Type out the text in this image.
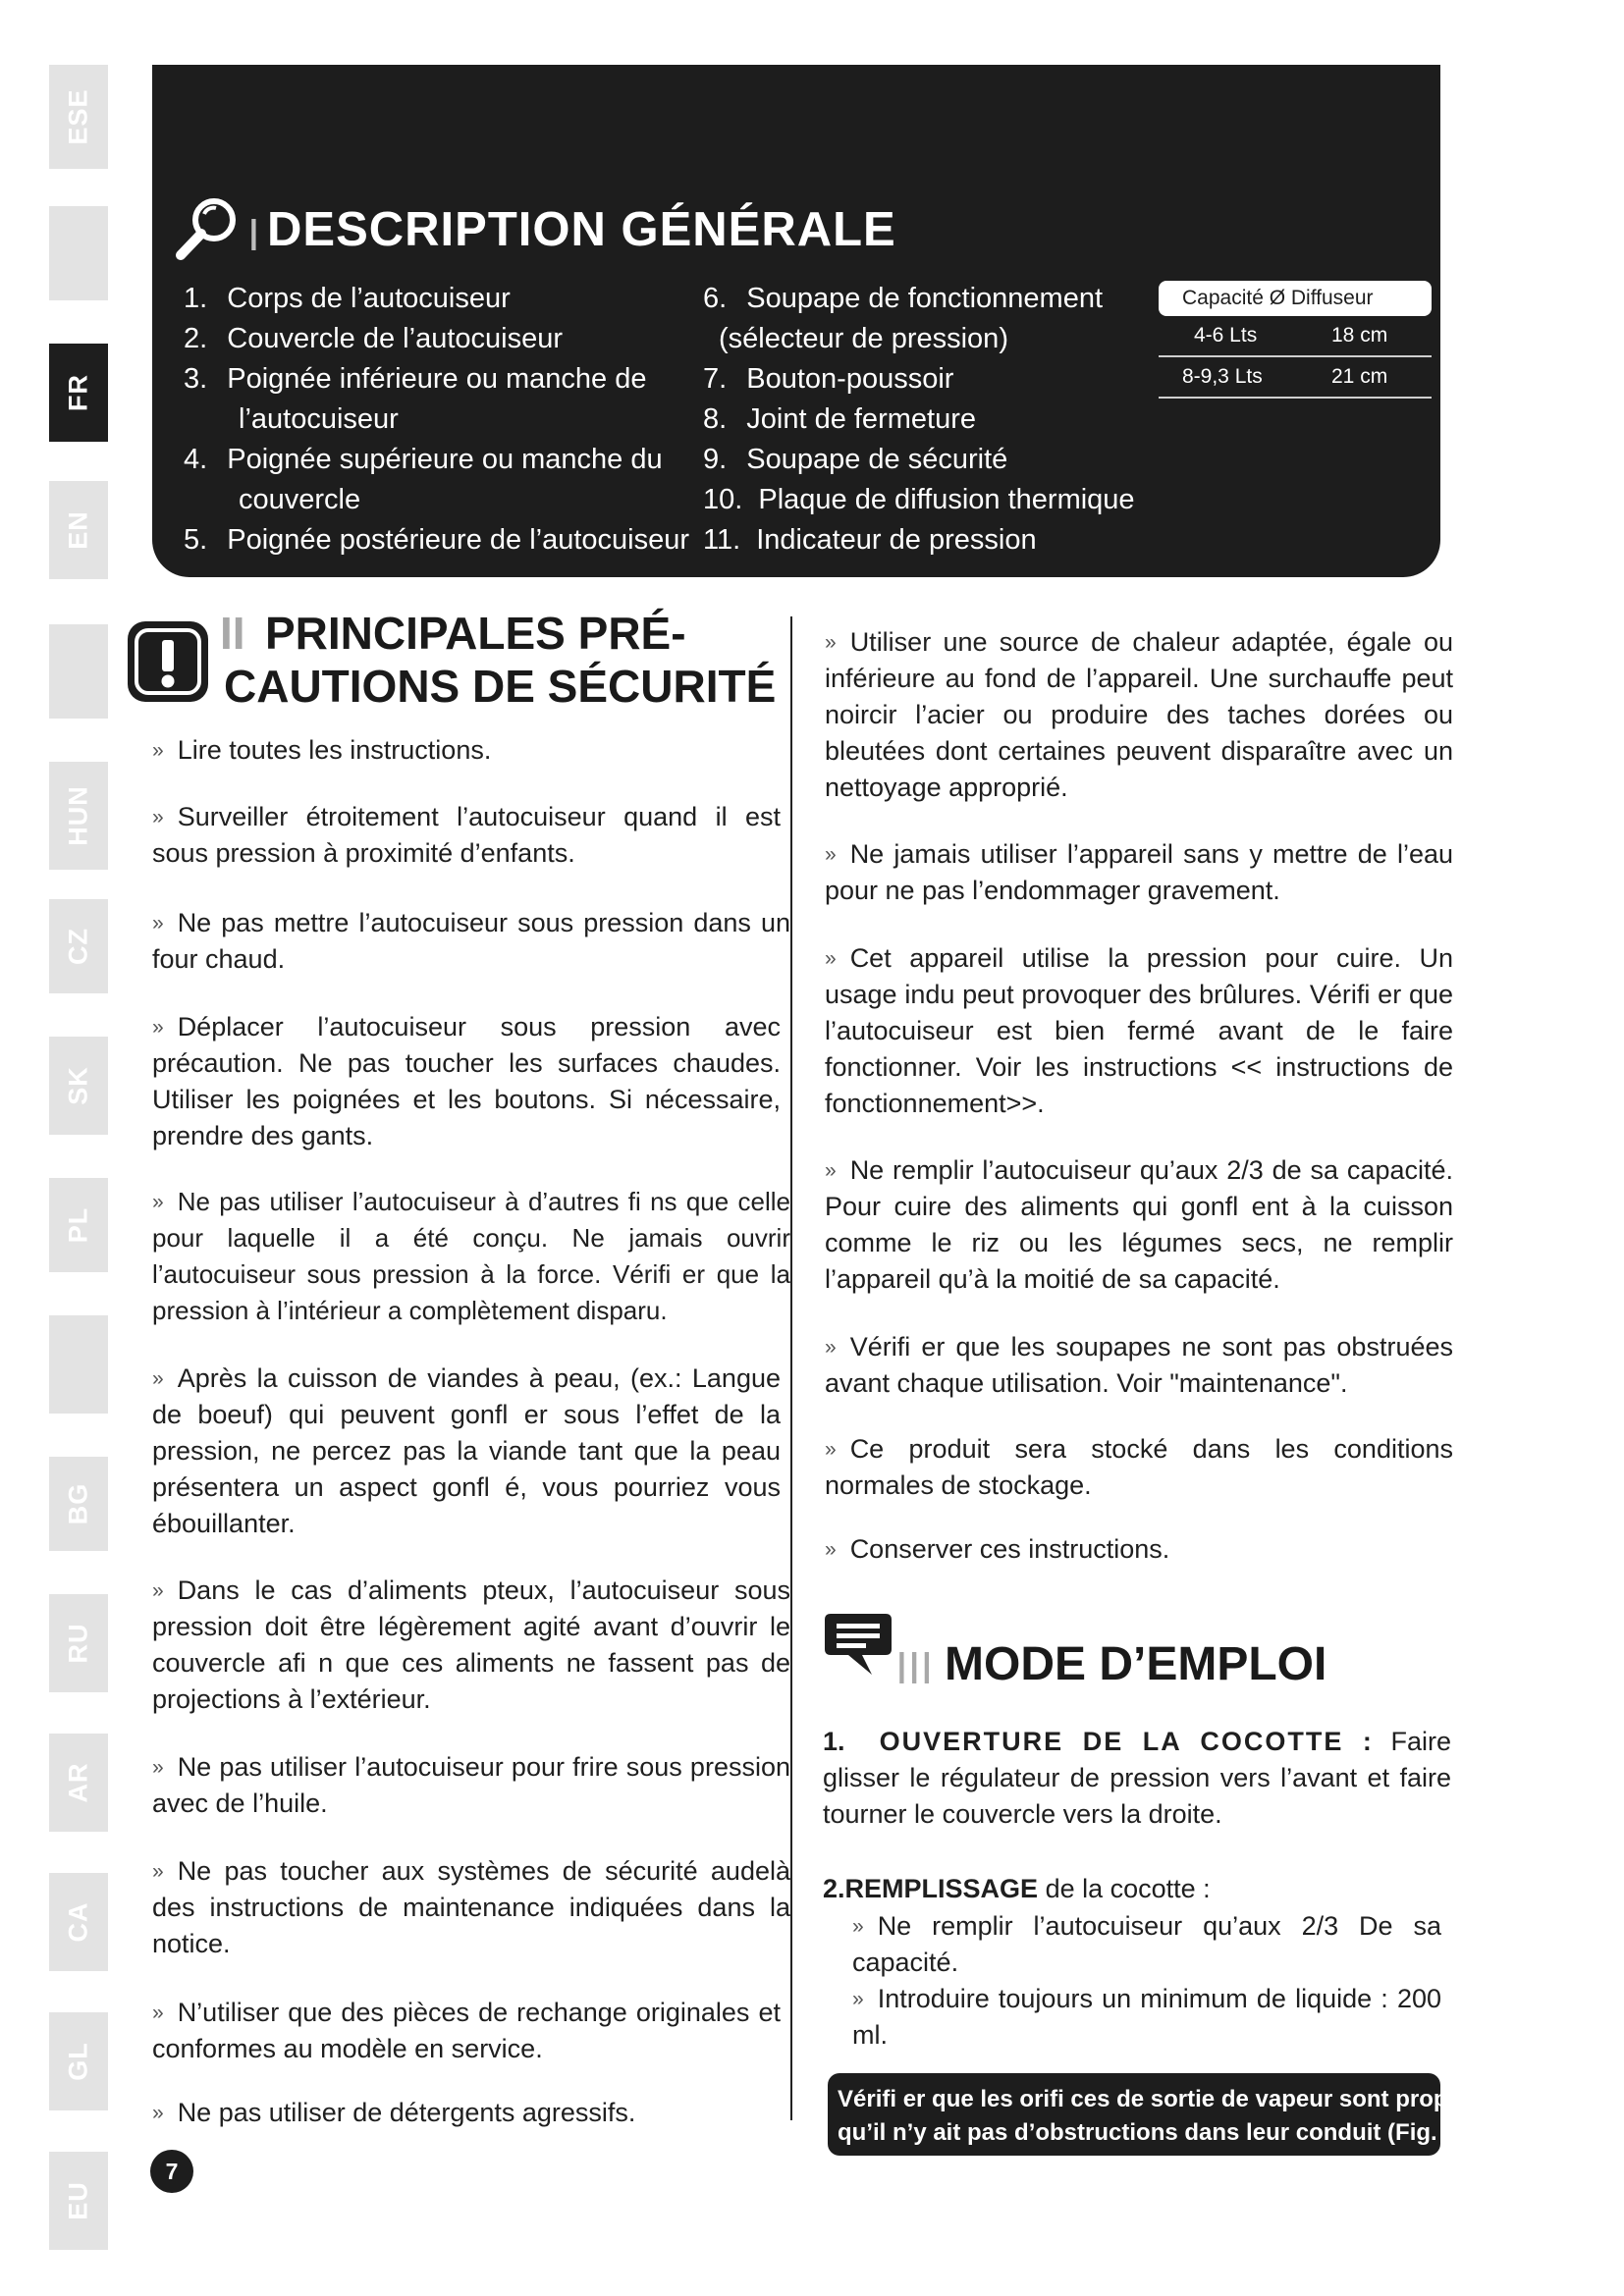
ESE
FR
EN
HUN
CZ
SK
PL
BG
RU
AR
CA
GL
EU
I DESCRIPTION GÉNÉRALE
1. Corps de l’autocuiseur
2. Couvercle de l’autocuiseur
3. Poignée inférieure ou manche de
l’autocuiseur
4. Poignée supérieure ou manche du
couvercle
5. Poignée postérieure de l’autocuiseur
6. Soupape de fonctionnement
(sélecteur de pression)
7. Bouton-poussoir
8. Joint de fermeture
9. Soupape de sécurité
10. Plaque de diffusion thermique
11. Indicateur de pression
Capacité Ø Diffuseur
4-6 Lts	18 cm
8-9,3 Lts	21 cm
II PRINCIPALES PRÉ-
CAUTIONS DE SÉCURITÉ
» Lire toutes les instructions.
» Surveiller étroitement l’autocuiseur quand il est sous pression à proximité d’enfants.
» Ne pas mettre l’autocuiseur sous pression dans un four chaud.
» Déplacer l’autocuiseur sous pression avec précaution. Ne pas toucher les surfaces chaudes. Utiliser les poignées et les boutons. Si nécessaire, prendre des gants.
» Ne pas utiliser l’autocuiseur à d’autres fi ns que celle pour laquelle il a été conçu. Ne jamais ouvrir l’autocuiseur sous pression à la force. Vérifi er que la pression à l’intérieur a complètement disparu.
» Après la cuisson de viandes à peau, (ex.: Langue de boeuf) qui peuvent gonfl er sous l’effet de la pression, ne percez pas la viande tant que la peau présentera un aspect gonfl é, vous pourriez vous ébouillanter.
» Dans le cas d’aliments pteux, l’autocuiseur sous pression doit être légèrement agité avant d’ouvrir le couvercle afi n que ces aliments ne fassent pas de projections à l’extérieur.
» Ne pas utiliser l’autocuiseur pour frire sous pression avec de l’huile.
» Ne pas toucher aux systèmes de sécurité audelà des instructions de maintenance indiquées dans la notice.
» N’utiliser que des pièces de rechange originales et conformes au modèle en service.
» Ne pas utiliser de détergents agressifs.
» Utiliser une source de chaleur adaptée, égale ou inférieure au fond de l’appareil. Une surchauffe peut noircir l’acier ou produire des taches dorées ou bleutées dont certaines peuvent disparaître avec un nettoyage approprié.
» Ne jamais utiliser l’appareil sans y mettre de l’eau pour ne pas l’endommager gravement.
» Cet appareil utilise la pression pour cuire. Un usage indu peut provoquer des brûlures. Vérifi er que l’autocuiseur est bien fermé avant de le faire fonctionner. Voir les instructions << instructions de fonctionnement>>.
» Ne remplir l’autocuiseur qu’aux 2/3 de sa capacité. Pour cuire des aliments qui gonfl ent à la cuisson comme le riz ou les légumes secs, ne remplir l’appareil qu’à la moitié de sa capacité.
» Vérifi er que les soupapes ne sont pas obstruées avant chaque utilisation. Voir "maintenance".
» Ce produit sera stocké dans les conditions normales de stockage.
» Conserver ces instructions.
III MODE D’EMPLOI
1. OUVERTURE DE LA COCOTTE : Faire glisser le régulateur de pression vers l’avant et faire tourner le couvercle vers la droite.
2.REMPLISSAGE de la cocotte :
» Ne remplir l’autocuiseur qu’aux 2/3 De sa capacité.
» Introduire toujours un minimum de liquide : 200 ml.
Vérifi er que les orifi ces de sortie de vapeur sont propres et
qu’il n’y ait pas d’obstructions dans leur conduit (Fig. 8, 9).
7
